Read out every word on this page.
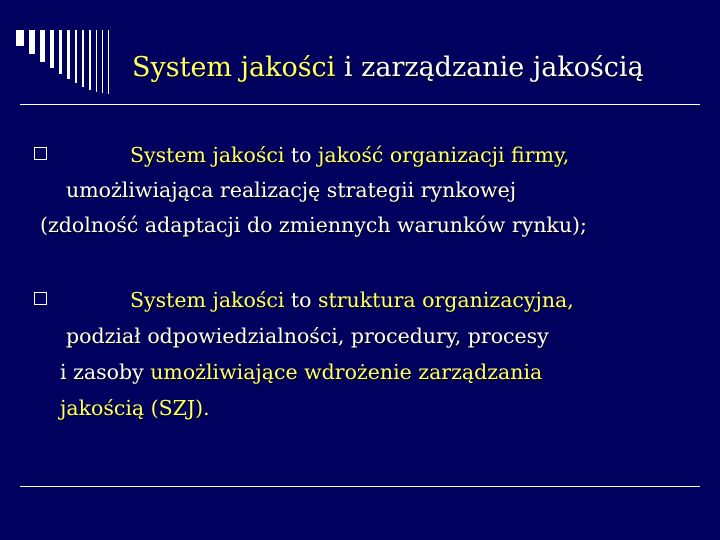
System jakości i zarządzanie jakością
System jakości to jakość organizacji firmy,
umożliwiająca realizację strategii rynkowej
(zdolność adaptacji do zmiennych warunków rynku);
System jakości to struktura organizacyjna,
podział odpowiedzialności, procedury, procesy
i zasoby umożliwiające wdrożenie zarządzania
jakością (SZJ).
